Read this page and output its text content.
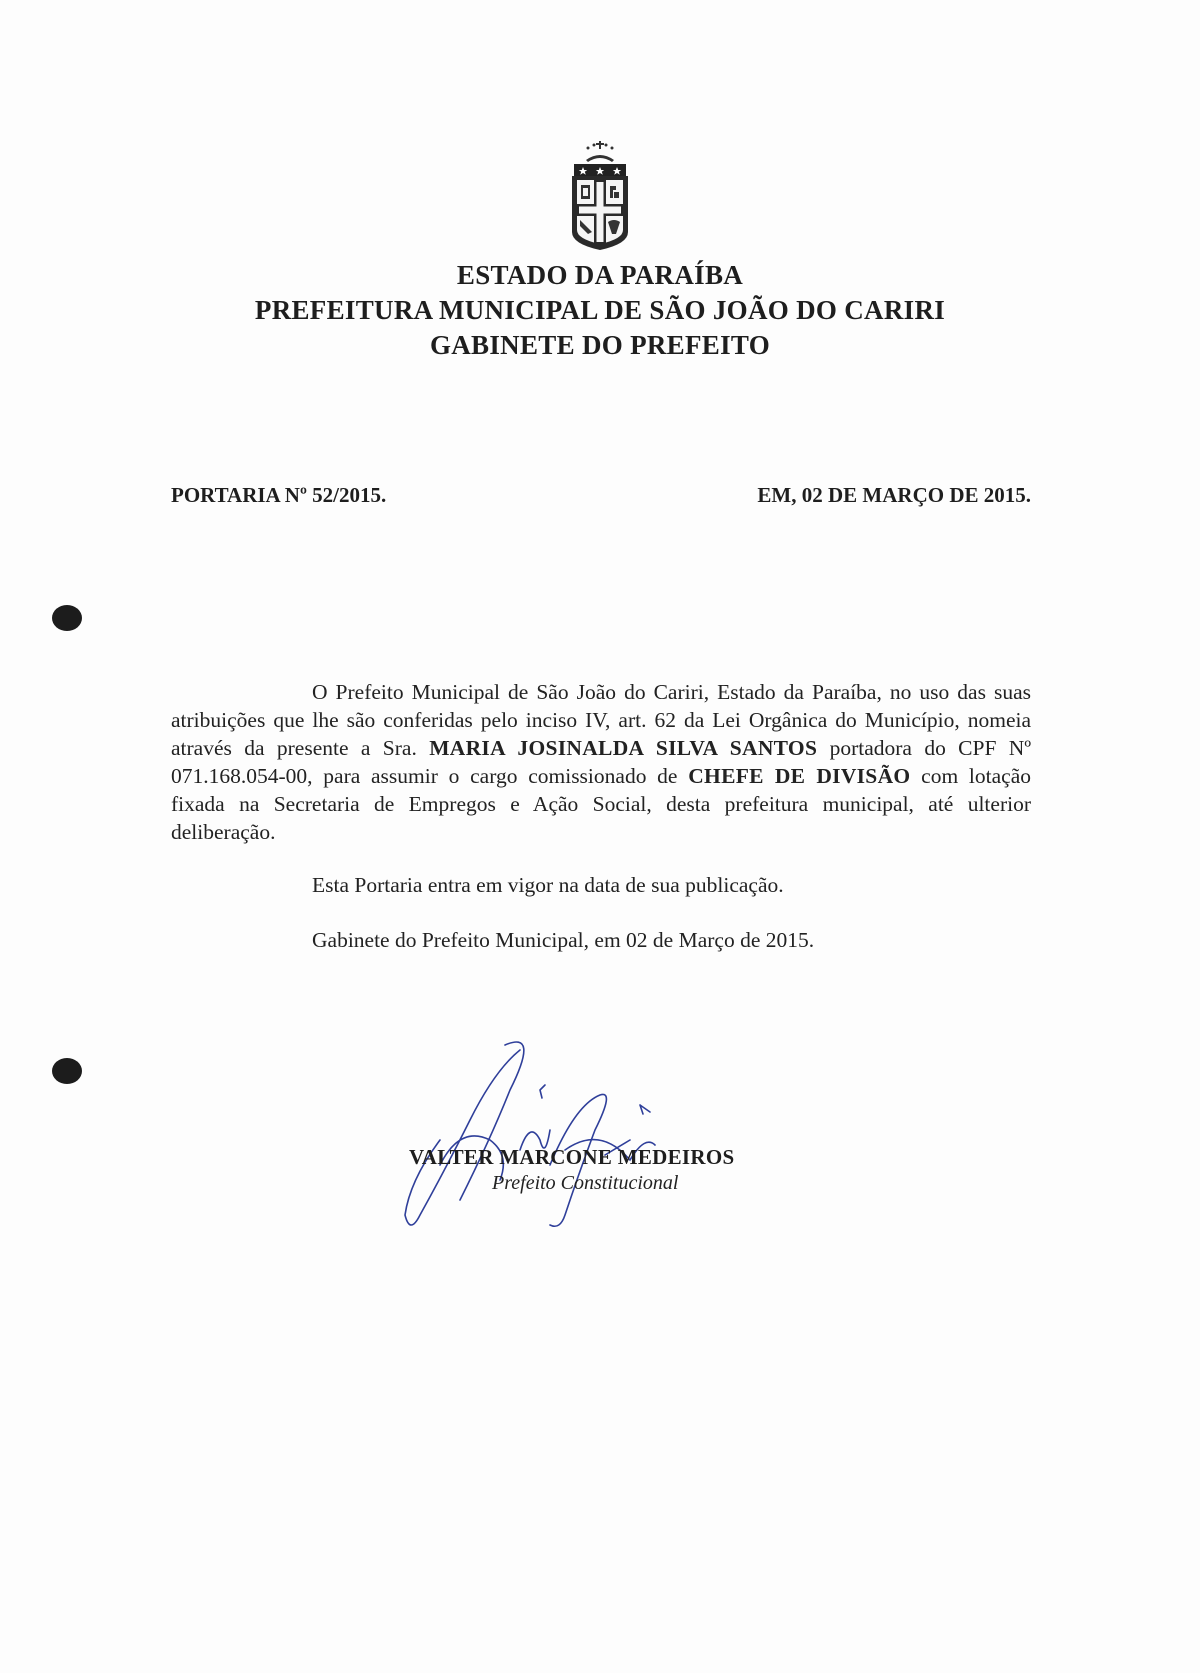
ESTADO DA PARAÍBA
PREFEITURA MUNICIPAL DE SÃO JOÃO DO CARIRI
GABINETE DO PREFEITO
PORTARIA Nº 52/2015.	EM, 02 DE MARÇO DE 2015.

O Prefeito Municipal de São João do Cariri, Estado da Paraíba, no uso das suas atribuições que lhe são conferidas pelo inciso IV, art. 62 da Lei Orgânica do Município, nomeia através da presente a Sra. MARIA JOSINALDA SILVA SANTOS portadora do CPF Nº 071.168.054-00, para assumir o cargo comissionado de CHEFE DE DIVISÃO com lotação fixada na Secretaria de Empregos e Ação Social, desta prefeitura municipal, até ulterior deliberação.

Esta Portaria entra em vigor na data de sua publicação.
Gabinete do Prefeito Municipal, em 02 de Março de 2015.
VALTER MARCONE MEDEIROS
Prefeito Constitucional
